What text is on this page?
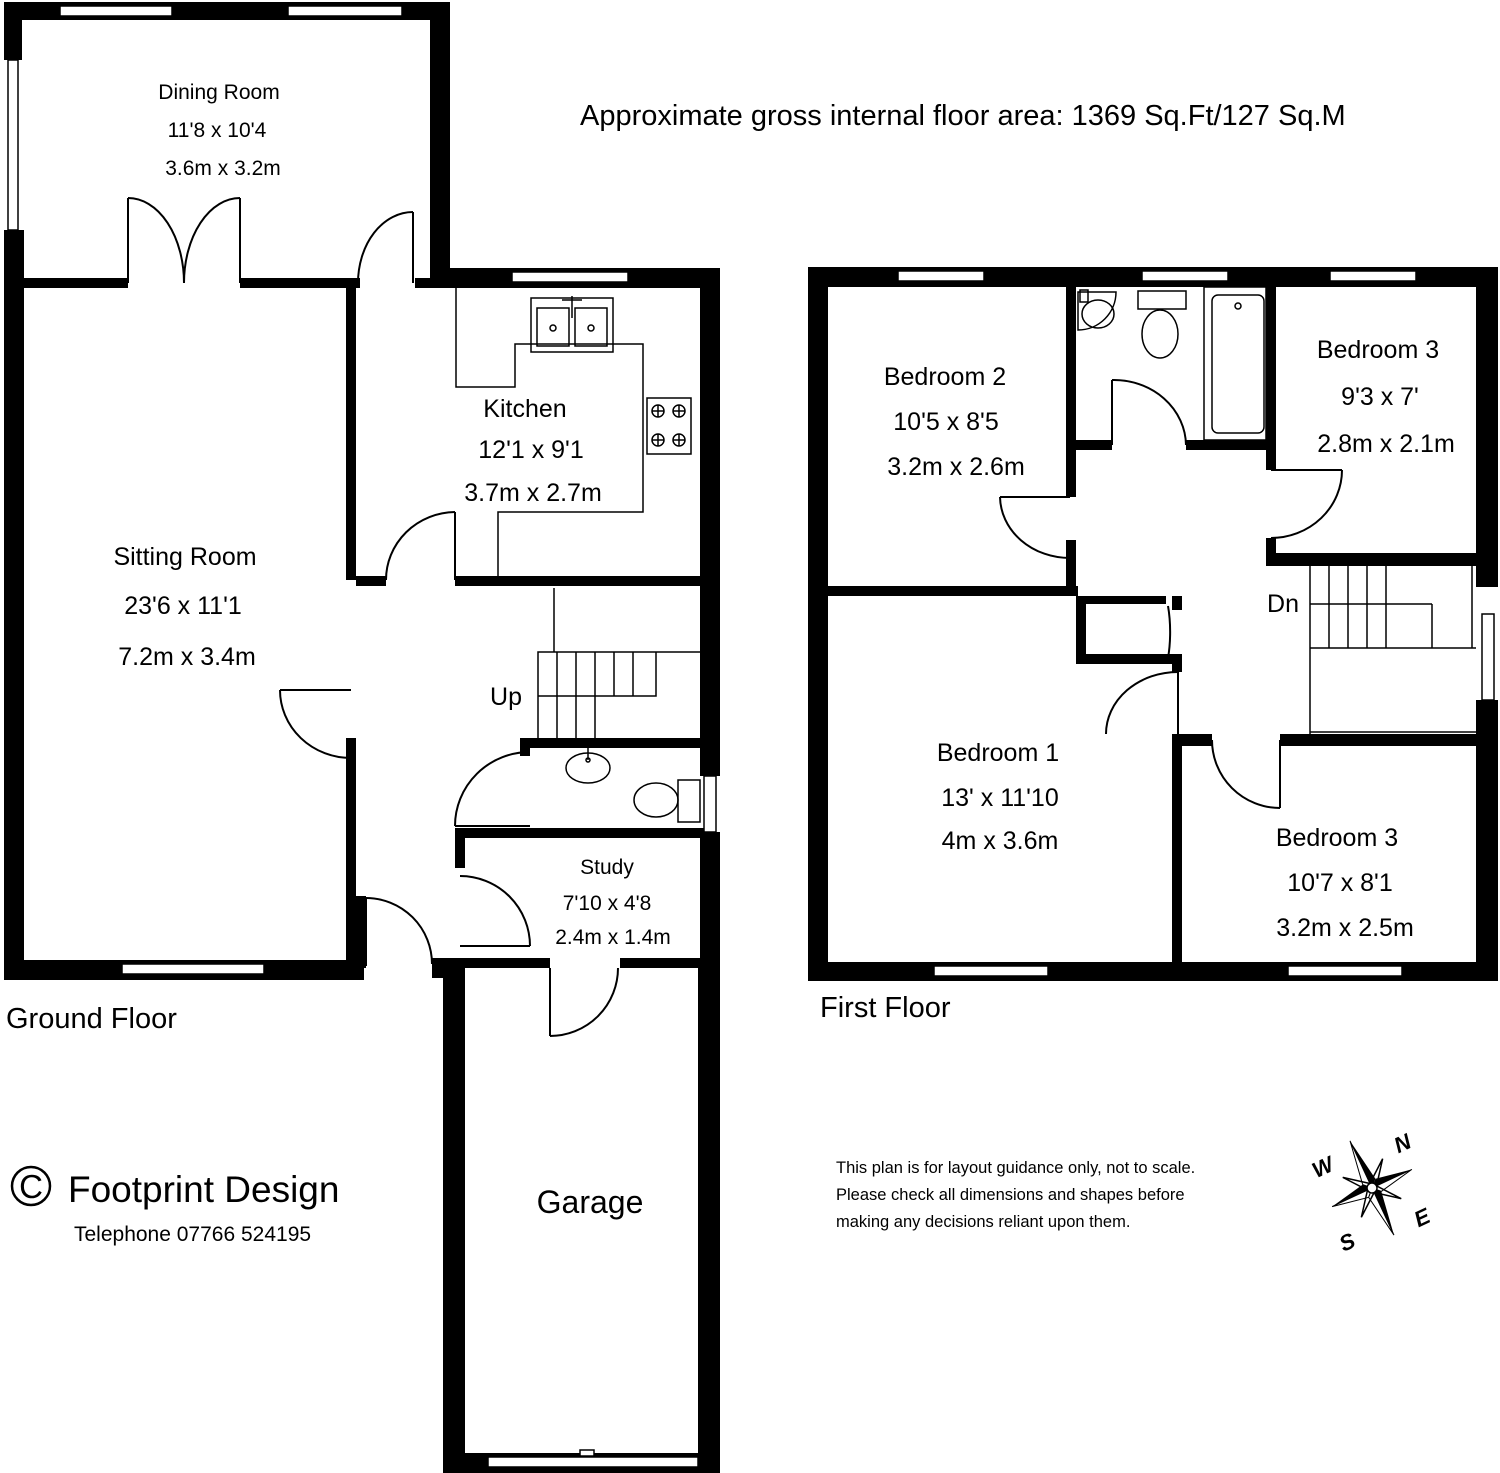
Dining Room
11'8 x 10'4
3.6m x 3.2m
Sitting Room
23'6 x 11'1
7.2m x 3.4m
Kitchen
12'1 x 9'1
3.7m x 2.7m
Up
Study
7'10 x 4'8
2.4m x 1.4m
Garage
Bedroom 2
10'5 x 8'5
3.2m x 2.6m
Bedroom 3
9'3 x 7'
2.8m x 2.1m
Dn
Bedroom 1
13' x 11'10
4m x 3.6m	Bedroom 3
10'7 x 8'1
3.2m x 2.5m
Approximate gross internal floor area: 1369 Sq.Ft/127 Sq.M
Ground Floor	First Floor
This plan is for layout guidance only, not to scale.
Please check all dimensions and shapes before
making any decisions reliant upon them.
C Footprint Design
Telephone 07766 524195
N
E
S
W
